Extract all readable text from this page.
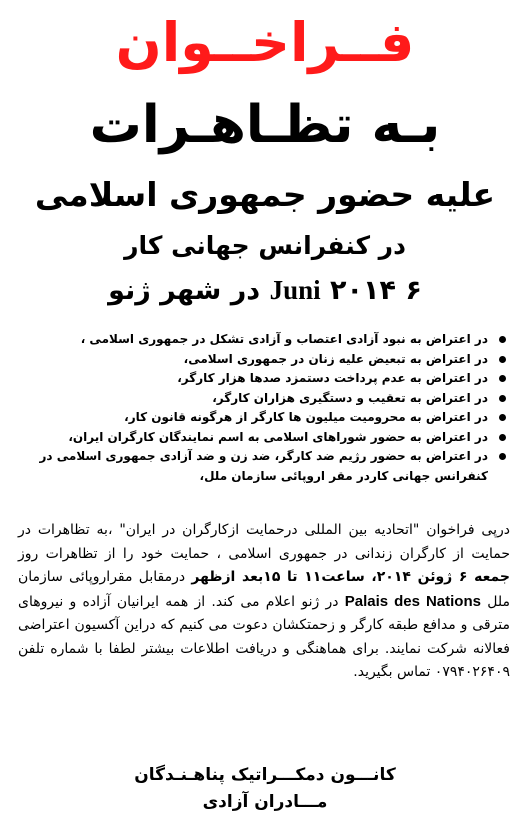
فــراخــوان
بـه تظـاهـرات
علیه حضور جمهوری اسلامی
در کنفرانس جهانی کار
۶ Juni ۲۰۱۴ در شهر ژنو
در اعتراض به نبود آزادی اعتصاب و آزادی تشکل در جمهوری اسلامی ،
در اعتراض به تبعیض علیه زنان در جمهوری اسلامی،
در اعتراض به عدم پرداخت دستمزد صدها هزار کارگر،
در اعتراض به تعقیب و دستگیری هزاران کارگر،
در اعتراض به محرومیت میلیون ها کارگر از هرگونه قانون کار،
در اعتراض به حضور شوراهای اسلامی به اسم نمایندگان کارگران ایران،
در اعتراض به حضور رژیم ضد کارگر، ضد زن و ضد آزادی جمهوری اسلامی در کنفرانس جهانی کاردر مقر اروپائی سازمان ملل،
درپی فراخوان "اتحادیه بین المللی درحمایت ازکارگران در ایران" ،به تظاهرات در حمایت از کارگران زندانی در جمهوری اسلامی ، حمایت خود را از تظاهرات روز جمعه ۶ ژوئن ۲۰۱۴، ساعت۱۱ تا ۱۵بعد ازظهر درمقابل مقراروپائی سازمان ملل Palais des Nations در ژنو اعلام می کند. از همه ایرانیان آزاده و نیروهای مترقی و مدافع طبقه کارگر و زحمتکشان دعوت می کنیم که دراین آکسیون اعتراضی فعالانه شرکت نمایند. برای هماهنگی و دریافت اطلاعات بیشتر لطفا با شماره تلفن ۰۷۹۴۰۲۶۴۰۹ تماس بگیرید.
کانـــون دمکـــراتیک پناهـنـدگان
مـــادران آزادی
